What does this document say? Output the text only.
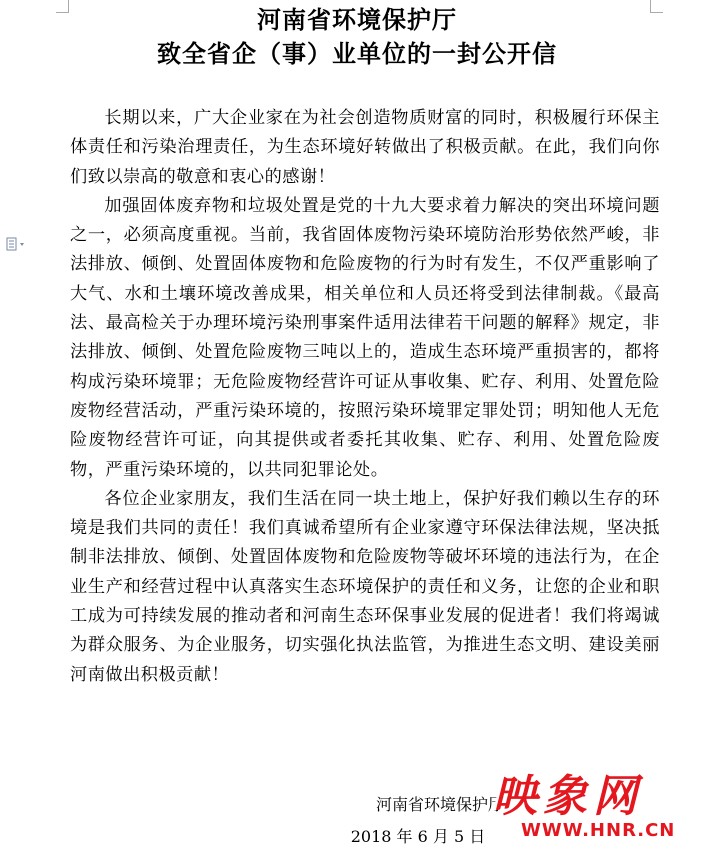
河南省环境保护厅
致全省企（事）业单位的一封公开信

长期以来，广大企业家在为社会创造物质财富的同时，积极履行环保主体责任和污染治理责任，为生态环境好转做出了积极贡献。在此，我们向你们致以崇高的敬意和衷心的感谢！

加强固体废弃物和垃圾处置是党的十九大要求着力解决的突出环境问题之一，必须高度重视。当前，我省固体废物污染环境防治形势依然严峻，非法排放、倾倒、处置固体废物和危险废物的行为时有发生，不仅严重影响了大气、水和土壤环境改善成果，相关单位和人员还将受到法律制裁。《最高法、最高检关于办理环境污染刑事案件适用法律若干问题的解释》规定，非法排放、倾倒、处置危险废物三吨以上的，造成生态环境严重损害的，都将构成污染环境罪；无危险废物经营许可证从事收集、贮存、利用、处置危险废物经营活动，严重污染环境的，按照污染环境罪定罪处罚；明知他人无危险废物经营许可证，向其提供或者委托其收集、贮存、利用、处置危险废物，严重污染环境的，以共同犯罪论处。

各位企业家朋友，我们生活在同一块土地上，保护好我们赖以生存的环境是我们共同的责任！我们真诚希望所有企业家遵守环保法律法规，坚决抵制非法排放、倾倒、处置固体废物和危险废物等破坏环境的违法行为，在企业生产和经营过程中认真落实生态环境保护的责任和义务，让您的企业和职工成为可持续发展的推动者和河南生态环保事业发展的促进者！我们将竭诚为群众服务、为企业服务，切实强化执法监管，为推进生态文明、建设美丽河南做出积极贡献！

河南省环境保护厅
2018 年 6 月 5 日
映象网
WWW.HNR.CN
